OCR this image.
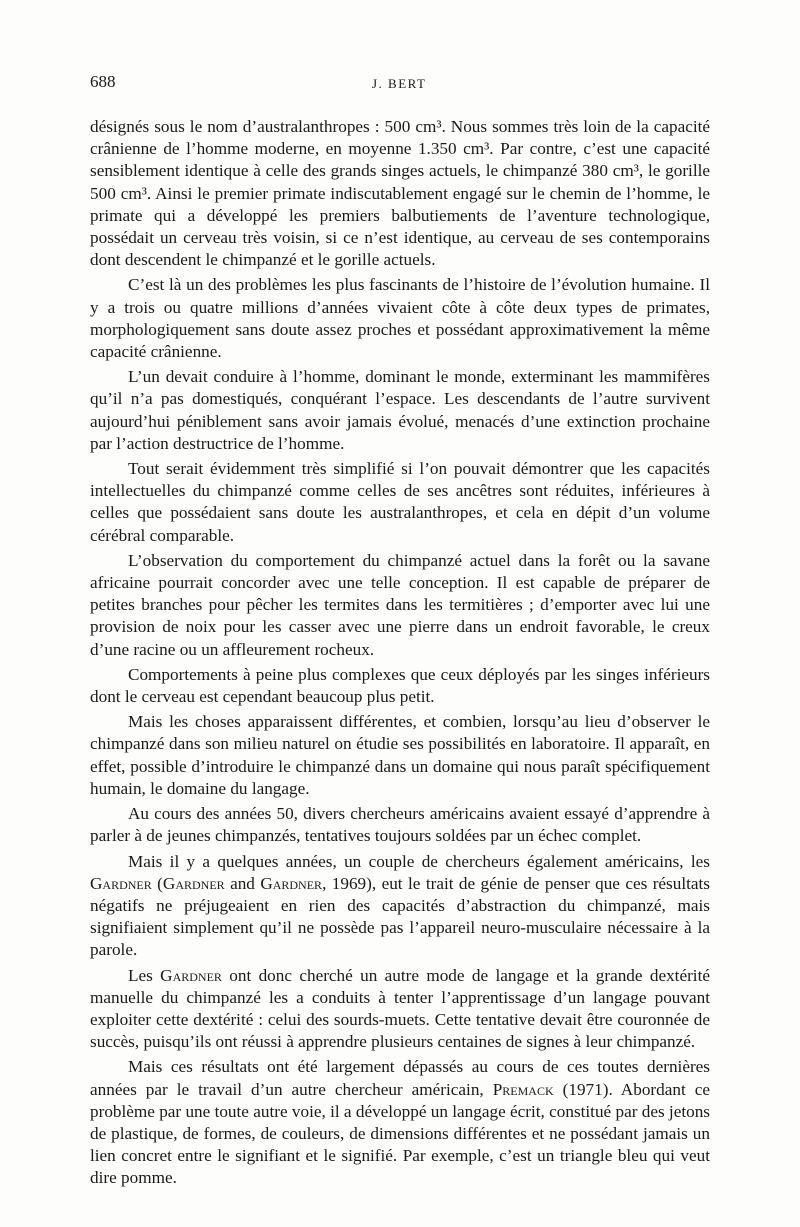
688	J. BERT

désignés sous le nom d’australanthropes : 500 cm³. Nous sommes très loin de la capacité crânienne de l’homme moderne, en moyenne 1.350 cm³. Par contre, c’est une capacité sensiblement identique à celle des grands singes actuels, le chimpanzé 380 cm³, le gorille 500 cm³. Ainsi le premier primate indiscutablement engagé sur le chemin de l’homme, le primate qui a développé les premiers balbutiements de l’aventure technologique, possédait un cerveau très voisin, si ce n’est identique, au cerveau de ses contemporains dont descendent le chimpanzé et le gorille actuels.

C’est là un des problèmes les plus fascinants de l’histoire de l’évolution humaine. Il y a trois ou quatre millions d’années vivaient côte à côte deux types de primates, morphologiquement sans doute assez proches et possédant approximativement la même capacité crânienne.

L’un devait conduire à l’homme, dominant le monde, exterminant les mammifères qu’il n’a pas domestiqués, conquérant l’espace. Les descendants de l’autre survivent aujourd’hui péniblement sans avoir jamais évolué, menacés d’une extinction prochaine par l’action destructrice de l’homme.

Tout serait évidemment très simplifié si l’on pouvait démontrer que les capacités intellectuelles du chimpanzé comme celles de ses ancêtres sont réduites, inférieures à celles que possédaient sans doute les australanthropes, et cela en dépit d’un volume cérébral comparable.

L’observation du comportement du chimpanzé actuel dans la forêt ou la savane africaine pourrait concorder avec une telle conception. Il est capable de préparer de petites branches pour pêcher les termites dans les termitières ; d’emporter avec lui une provision de noix pour les casser avec une pierre dans un endroit favorable, le creux d’une racine ou un affleurement rocheux.

Comportements à peine plus complexes que ceux déployés par les singes inférieurs dont le cerveau est cependant beaucoup plus petit.

Mais les choses apparaissent différentes, et combien, lorsqu’au lieu d’observer le chimpanzé dans son milieu naturel on étudie ses possibilités en laboratoire. Il apparaît, en effet, possible d’introduire le chimpanzé dans un domaine qui nous paraît spécifiquement humain, le domaine du langage.

Au cours des années 50, divers chercheurs américains avaient essayé d’apprendre à parler à de jeunes chimpanzés, tentatives toujours soldées par un échec complet.

Mais il y a quelques années, un couple de chercheurs également américains, les Gardner (Gardner and Gardner, 1969), eut le trait de génie de penser que ces résultats négatifs ne préjugeaient en rien des capacités d’abstraction du chimpanzé, mais signifiaient simplement qu’il ne possède pas l’appareil neuro-musculaire nécessaire à la parole.

Les Gardner ont donc cherché un autre mode de langage et la grande dextérité manuelle du chimpanzé les a conduits à tenter l’apprentissage d’un langage pouvant exploiter cette dextérité : celui des sourds-muets. Cette tentative devait être couronnée de succès, puisqu’ils ont réussi à apprendre plusieurs centaines de signes à leur chimpanzé.

Mais ces résultats ont été largement dépassés au cours de ces toutes dernières années par le travail d’un autre chercheur américain, Premack (1971). Abordant ce problème par une toute autre voie, il a développé un langage écrit, constitué par des jetons de plastique, de formes, de couleurs, de dimensions différentes et ne possédant jamais un lien concret entre le signifiant et le signifié. Par exemple, c’est un triangle bleu qui veut dire pomme.
